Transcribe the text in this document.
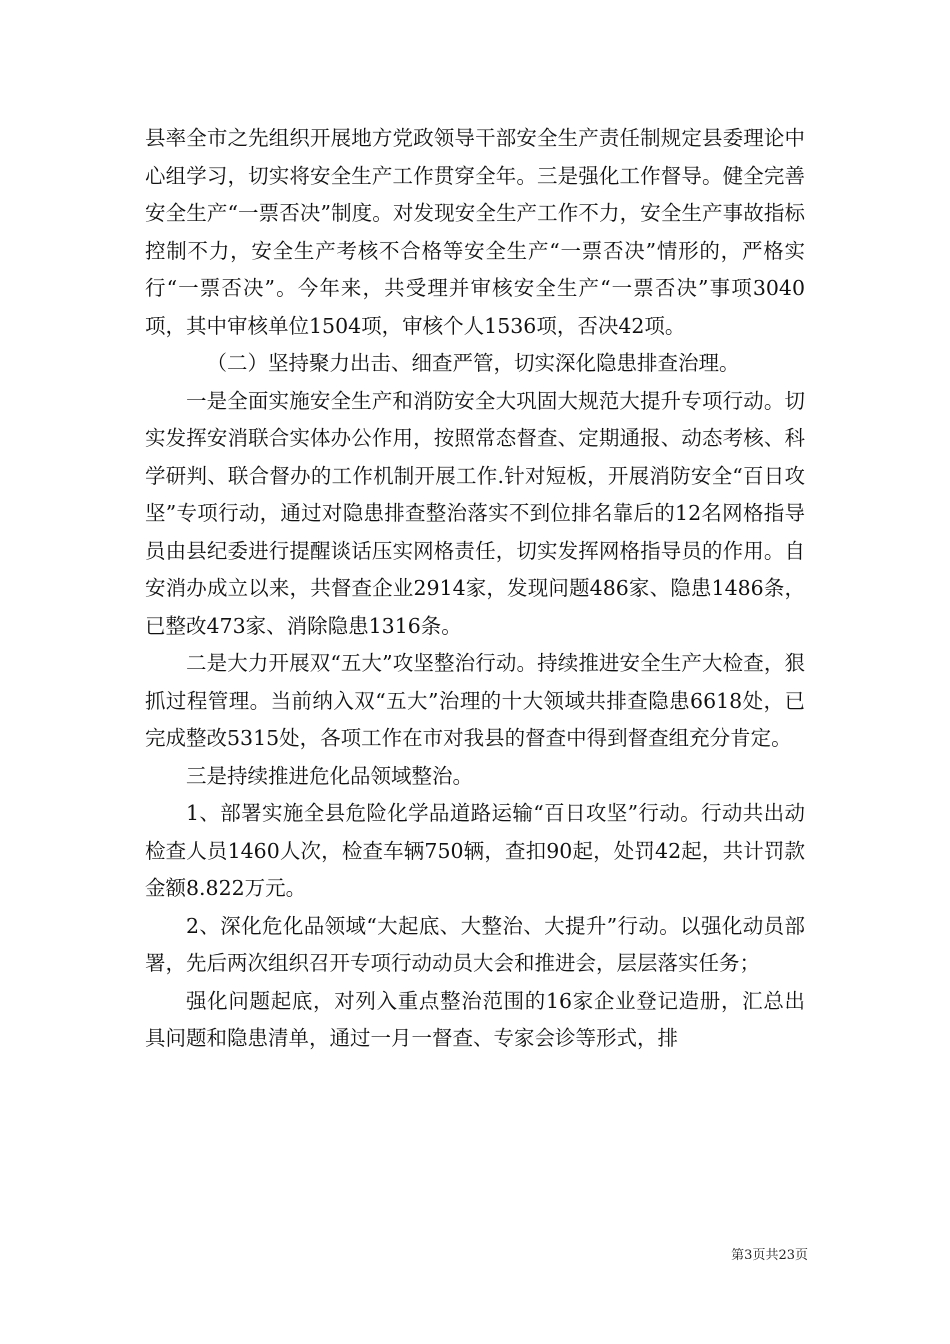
县率全市之先组织开展地方党政领导干部安全生产责任制规定县委理论中心组学习，切实将安全生产工作贯穿全年。三是强化工作督导。健全完善安全生产“一票否决”制度。对发现安全生产工作不力，安全生产事故指标控制不力，安全生产考核不合格等安全生产“一票否决”情形的，严格实行“一票否决”。今年来，共受理并审核安全生产“一票否决”事项3040项，其中审核单位1504项，审核个人1536项，否决42项。

（二）坚持聚力出击、细查严管，切实深化隐患排查治理。

一是全面实施安全生产和消防安全大巩固大规范大提升专项行动。切实发挥安消联合实体办公作用，按照常态督查、定期通报、动态考核、科学研判、联合督办的工作机制开展工作.针对短板，开展消防安全“百日攻坚”专项行动，通过对隐患排查整治落实不到位排名靠后的12名网格指导员由县纪委进行提醒谈话压实网格责任，切实发挥网格指导员的作用。自安消办成立以来，共督查企业2914家，发现问题486家、隐患1486条，已整改473家、消除隐患1316条。

二是大力开展双“五大”攻坚整治行动。持续推进安全生产大检查，狠抓过程管理。当前纳入双“五大”治理的十大领域共排查隐患6618处，已完成整改5315处，各项工作在市对我县的督查中得到督查组充分肯定。

三是持续推进危化品领域整治。

1、部署实施全县危险化学品道路运输“百日攻坚”行动。行动共出动检查人员1460人次，检查车辆750辆，查扣90起，处罚42起，共计罚款金额8.822万元。

2、深化危化品领域“大起底、大整治、大提升”行动。以强化动员部署，先后两次组织召开专项行动动员大会和推进会，层层落实任务；

强化问题起底，对列入重点整治范围的16家企业登记造册，汇总出具问题和隐患清单，通过一月一督查、专家会诊等形式，排

第3页共23页
